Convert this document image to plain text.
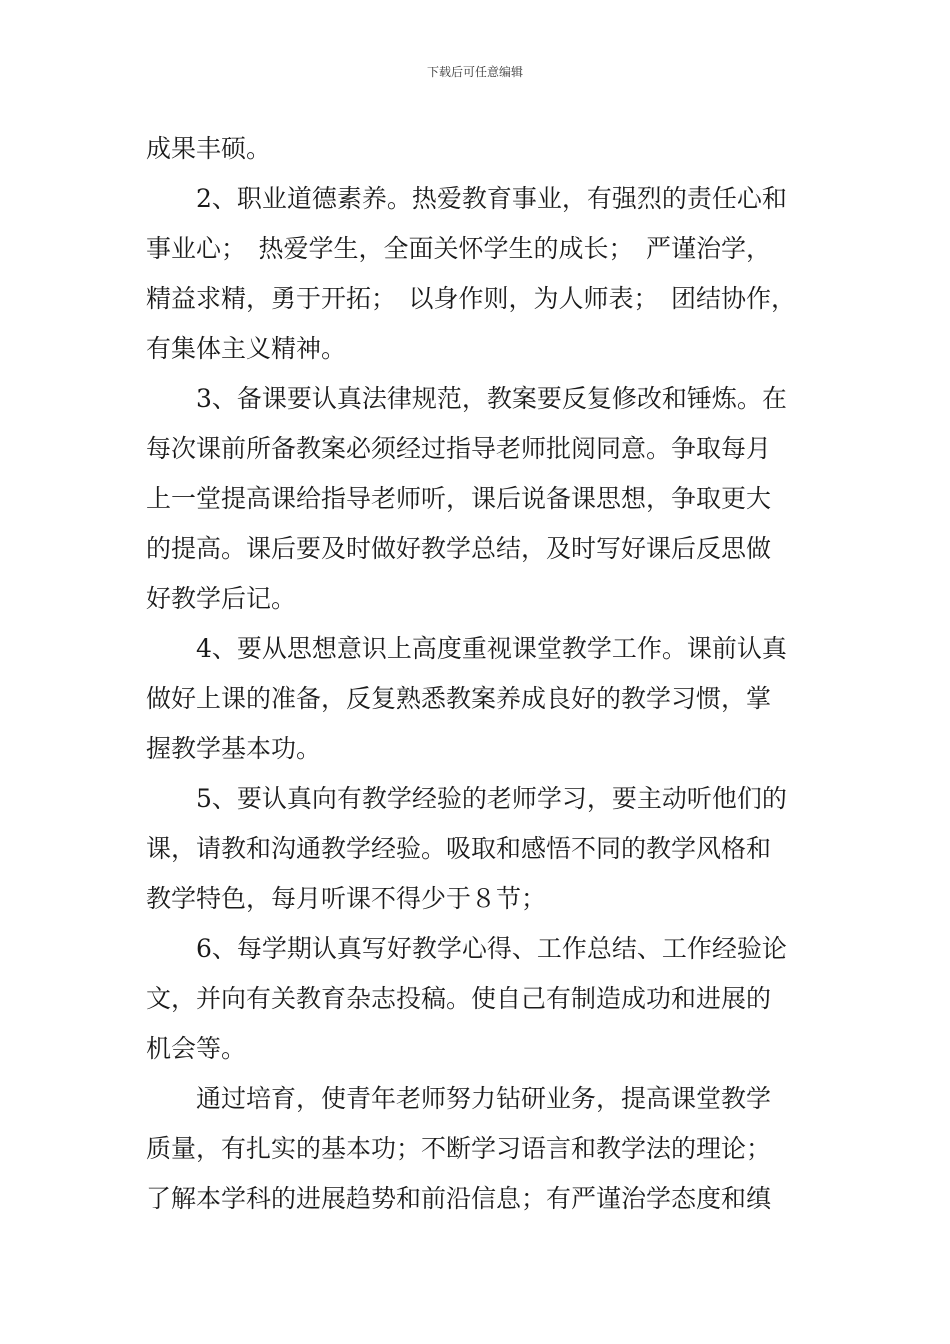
下载后可任意编辑

成果丰硕。

2、职业道德素养。热爱教育事业，有强烈的责任心和
事业心；　热爱学生，全面关怀学生的成长；　严谨治学，
精益求精，勇于开拓；　以身作则，为人师表；　团结协作，
有集体主义精神。

3、备课要认真法律规范，教案要反复修改和锤炼。在
每次课前所备教案必须经过指导老师批阅同意。争取每月
上一堂提高课给指导老师听，课后说备课思想，争取更大
的提高。课后要及时做好教学总结，及时写好课后反思做
好教学后记。

4、要从思想意识上高度重视课堂教学工作。课前认真
做好上课的准备，反复熟悉教案养成良好的教学习惯，掌
握教学基本功。

5、要认真向有教学经验的老师学习，要主动听他们的
课，请教和沟通教学经验。吸取和感悟不同的教学风格和
教学特色，每月听课不得少于８节；

6、每学期认真写好教学心得、工作总结、工作经验论
文，并向有关教育杂志投稿。使自己有制造成功和进展的
机会等。

通过培育，使青年老师努力钻研业务，提高课堂教学
质量，有扎实的基本功；不断学习语言和教学法的理论；
了解本学科的进展趋势和前沿信息；有严谨治学态度和缜
